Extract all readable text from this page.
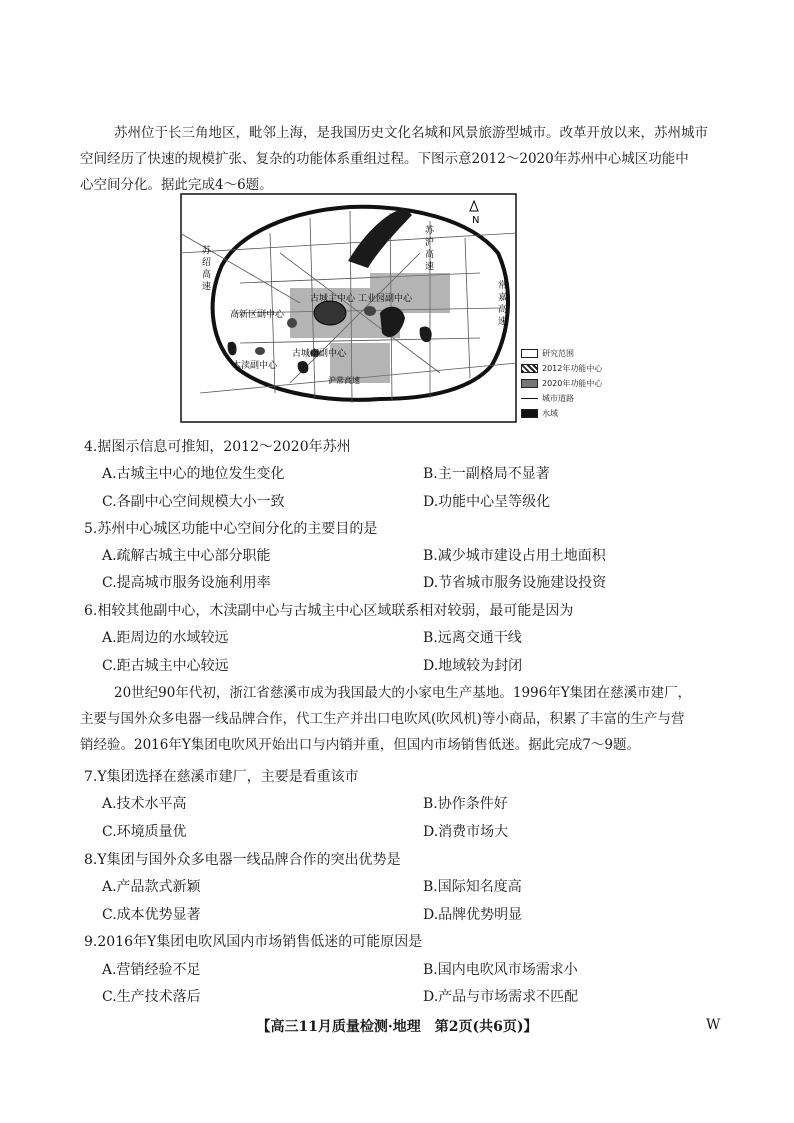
苏州位于长三角地区，毗邻上海，是我国历史文化名城和风景旅游型城市。改革开放以来，苏州城市
空间经历了快速的规模扩张、复杂的功能体系重组过程。下图示意2012～2020年苏州中心城区功能中
心空间分化。据此完成4～6题。

古城主中心 工业园副中心
高新区副中心
木渎副中心
古城南副中心
N
沪常高速
苏绍高速	常嘉高速
苏沪高速
研究范围
2012年功能中心
2020年功能中心
城市道路
水域
4.据图示信息可推知，2012～2020年苏州
A.古城主中心的地位发生变化	B.主一副格局不显著
C.各副中心空间规模大小一致	D.功能中心呈等级化
5.苏州中心城区功能中心空间分化的主要目的是
A.疏解古城主中心部分职能	B.减少城市建设占用土地面积
C.提高城市服务设施利用率	D.节省城市服务设施建设投资
6.相较其他副中心，木渎副中心与古城主中心区域联系相对较弱，最可能是因为
A.距周边的水域较远	B.远离交通干线
C.距古城主中心较远	D.地域较为封闭

20世纪90年代初，浙江省慈溪市成为我国最大的小家电生产基地。1996年Y集团在慈溪市建厂，
主要与国外众多电器一线品牌合作，代工生产并出口电吹风(吹风机)等小商品，积累了丰富的生产与营
销经验。2016年Y集团电吹风开始出口与内销并重，但国内市场销售低迷。据此完成7～9题。

7.Y集团选择在慈溪市建厂，主要是看重该市
A.技术水平高	B.协作条件好
C.环境质量优	D.消费市场大
8.Y集团与国外众多电器一线品牌合作的突出优势是
A.产品款式新颖	B.国际知名度高
C.成本优势显著	D.品牌优势明显
9.2016年Y集团电吹风国内市场销售低迷的可能原因是
A.营销经验不足	B.国内电吹风市场需求小
C.生产技术落后	D.产品与市场需求不匹配
【高三11月质量检测·地理　第2页(共6页)】	W
